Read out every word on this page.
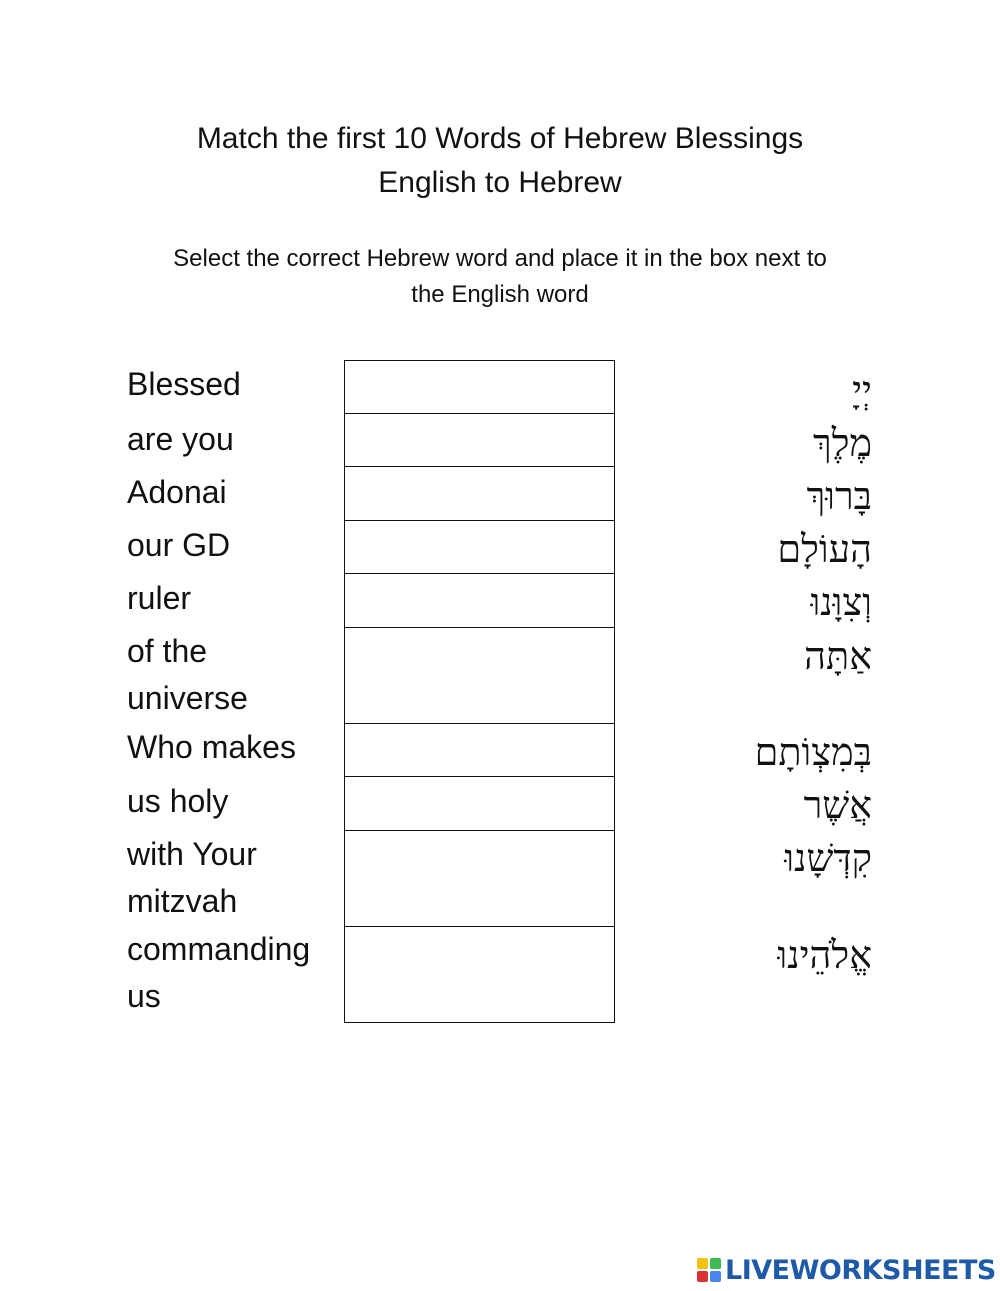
Match the first 10 Words of Hebrew Blessings
English to Hebrew
Select the correct Hebrew word and place it in the box next to
the English word
Blessed
are you
Adonai
our GD
ruler
of the
universe
Who makes
us holy
with Your
mitzvah
commanding
us
יְיָ
מֶלֶךְ
בָּרוּךְ
הָעוֹלָם
וְצִוָּנוּ
אַתָּה
בְּמִצְוֹתָם
אֲשֶׁר
קִדְּשָׁנוּ
אֱלֹהֵינוּ
LIVEWORKSHEETS
